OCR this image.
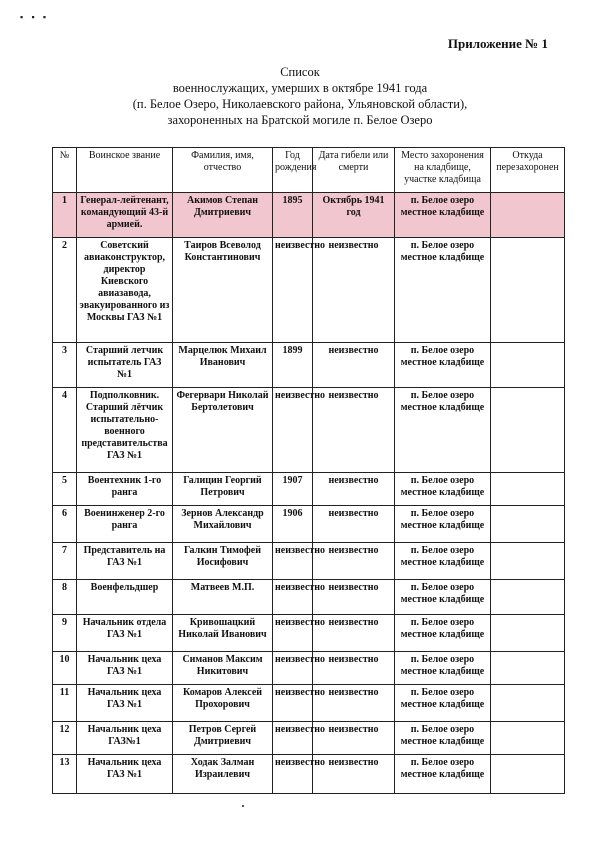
▪ ▪ ▪
Приложение № 1
Список
военнослужащих, умерших в октябре 1941 года
(п. Белое Озеро, Николаевского района, Ульяновской области),
захороненных на Братской могиле п. Белое Озеро
№	Воинское звание	Фамилия, имя, отчество	Год рождения	Дата гибели или смерти	Место захоронения на кладбище, участке кладбища	Откуда перезахоронен
1	Генерал-лейтенант, командующий 43-й армией.	Акимов Степан Дмитриевич	1895	Октябрь 1941 год	п. Белое озеро местное кладбище	
2	Советский авиаконструктор, директор Киевского авиазавода, эвакуированного из Москвы ГАЗ №1	Таиров Всеволод Константинович	неизвестно	неизвестно	п. Белое озеро местное кладбище	
3	Старший летчик испытатель ГАЗ №1	Марцелюк Михаил Иванович	1899	неизвестно	п. Белое озеро местное кладбище	
4	Подполковник. Старший лётчик испытательно-военного представительства ГАЗ №1	Фегервари Николай Бертолетович	неизвестно	неизвестно	п. Белое озеро местное кладбище	
5	Воентехник 1-го ранга	Галицин Георгий Петрович	1907	неизвестно	п. Белое озеро местное кладбище	
6	Военинженер 2-го ранга	Зернов Александр Михайлович	1906	неизвестно	п. Белое озеро местное кладбище	
7	Представитель на ГАЗ №1	Галкин Тимофей Иосифович	неизвестно	неизвестно	п. Белое озеро местное кладбище	
8	Военфельдшер	Матвеев М.П.	неизвестно	неизвестно	п. Белое озеро местное кладбище	
9	Начальник отдела ГАЗ №1	Кривошацкий Николай Иванович	неизвестно	неизвестно	п. Белое озеро местное кладбище	
10	Начальник цеха ГАЗ №1	Симанов Максим Никитович	неизвестно	неизвестно	п. Белое озеро местное кладбище	
11	Начальник цеха ГАЗ №1	Комаров Алексей Прохорович	неизвестно	неизвестно	п. Белое озеро местное кладбище	
12	Начальник цеха ГАЗ№1	Петров Сергей Дмитриевич	неизвестно	неизвестно	п. Белое озеро местное кладбище	
13	Начальник цеха ГАЗ №1	Ходак Залман Израилевич	неизвестно	неизвестно	п. Белое озеро местное кладбище	
